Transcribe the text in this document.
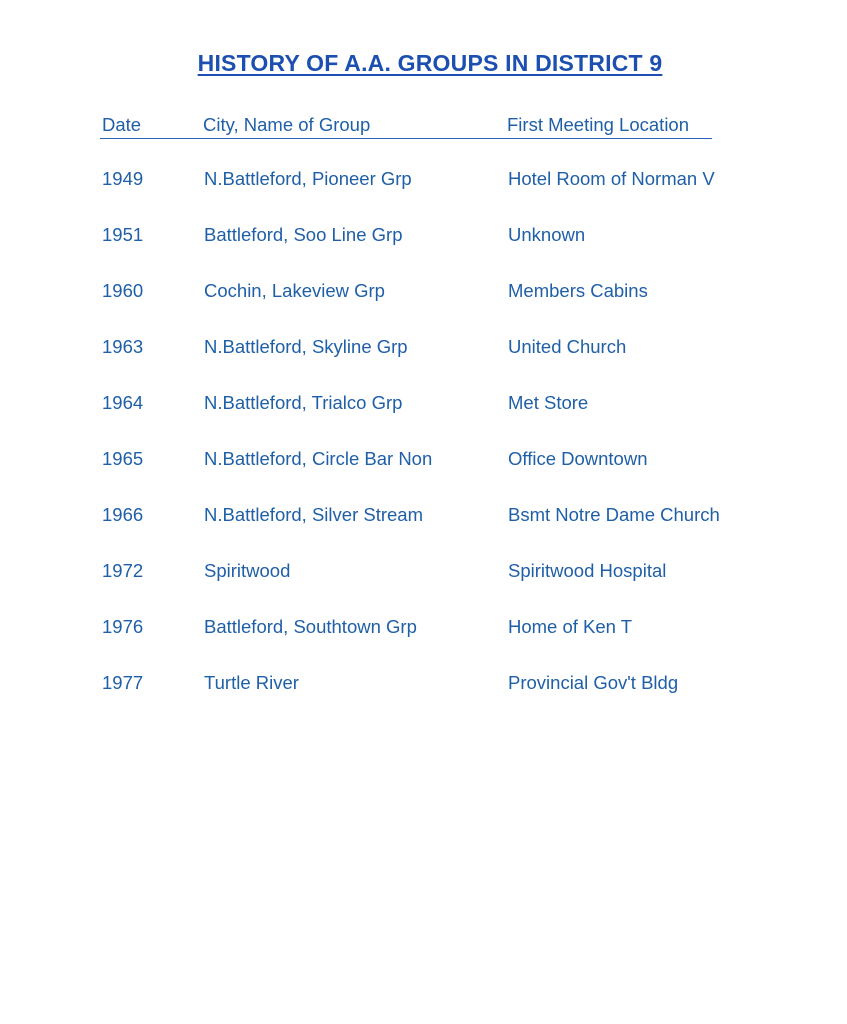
HISTORY OF A.A. GROUPS IN DISTRICT 9
Date	City, Name of Group	First Meeting Location
1949	N.Battleford, Pioneer Grp	Hotel Room of Norman V
1951	Battleford, Soo Line Grp	Unknown
1960	Cochin, Lakeview Grp	Members Cabins
1963	N.Battleford, Skyline Grp	United Church
1964	N.Battleford, Trialco Grp	Met Store
1965	N.Battleford, Circle Bar Non	Office Downtown
1966	N.Battleford, Silver Stream	Bsmt Notre Dame Church
1972	Spiritwood	Spiritwood Hospital
1976	Battleford, Southtown Grp	Home of Ken T
1977	Turtle River	Provincial Gov't Bldg
